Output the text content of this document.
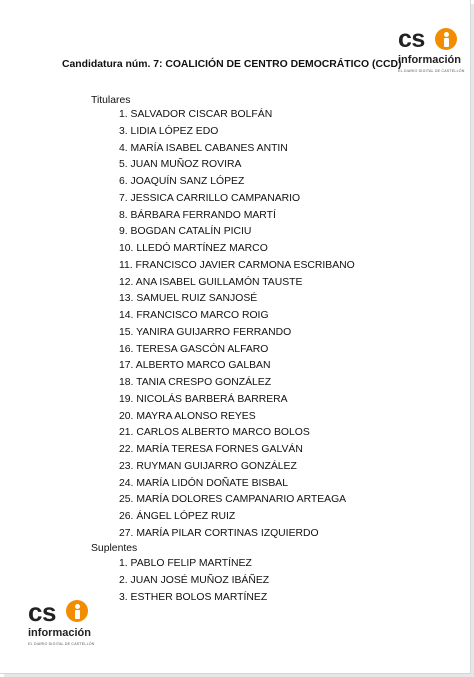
cs
información
EL DIARIO DIGITAL DE CASTELLÓN
Candidatura núm. 7: COALICIÓN DE CENTRO DEMOCRÁTICO (CCD)
Titulares
1. SALVADOR CISCAR BOLFÁN
3. LIDIA LÓPEZ EDO
4. MARÍA ISABEL CABANES ANTIN
5. JUAN MUÑOZ ROVIRA
6. JOAQUÍN SANZ LÓPEZ
7. JESSICA CARRILLO CAMPANARIO
8. BÁRBARA FERRANDO MARTÍ
9. BOGDAN CATALÍN PICIU
10. LLEDÓ MARTÍNEZ MARCO
11. FRANCISCO JAVIER CARMONA ESCRIBANO
12. ANA ISABEL GUILLAMÓN TAUSTE
13. SAMUEL RUIZ SANJOSÉ
14. FRANCISCO MARCO ROIG
15. YANIRA GUIJARRO FERRANDO
16. TERESA GASCÓN ALFARO
17. ALBERTO MARCO GALBAN
18. TANIA CRESPO GONZÁLEZ
19. NICOLÁS BARBERÁ BARRERA
20. MAYRA ALONSO REYES
21. CARLOS ALBERTO MARCO BOLOS
22. MARÍA TERESA FORNES GALVÁN
23. RUYMAN GUIJARRO GONZÁLEZ
24. MARÍA LIDÓN DOÑATE BISBAL
25. MARÍA DOLORES CAMPANARIO ARTEAGA
26. ÁNGEL LÓPEZ RUIZ
27. MARÍA PILAR CORTINAS IZQUIERDO
Suplentes
1. PABLO FELIP MARTÍNEZ
2. JUAN JOSÉ MUÑOZ IBÁÑEZ
3. ESTHER BOLOS MARTÍNEZ
cs
información
EL DIARIO DIGITAL DE CASTELLÓN
